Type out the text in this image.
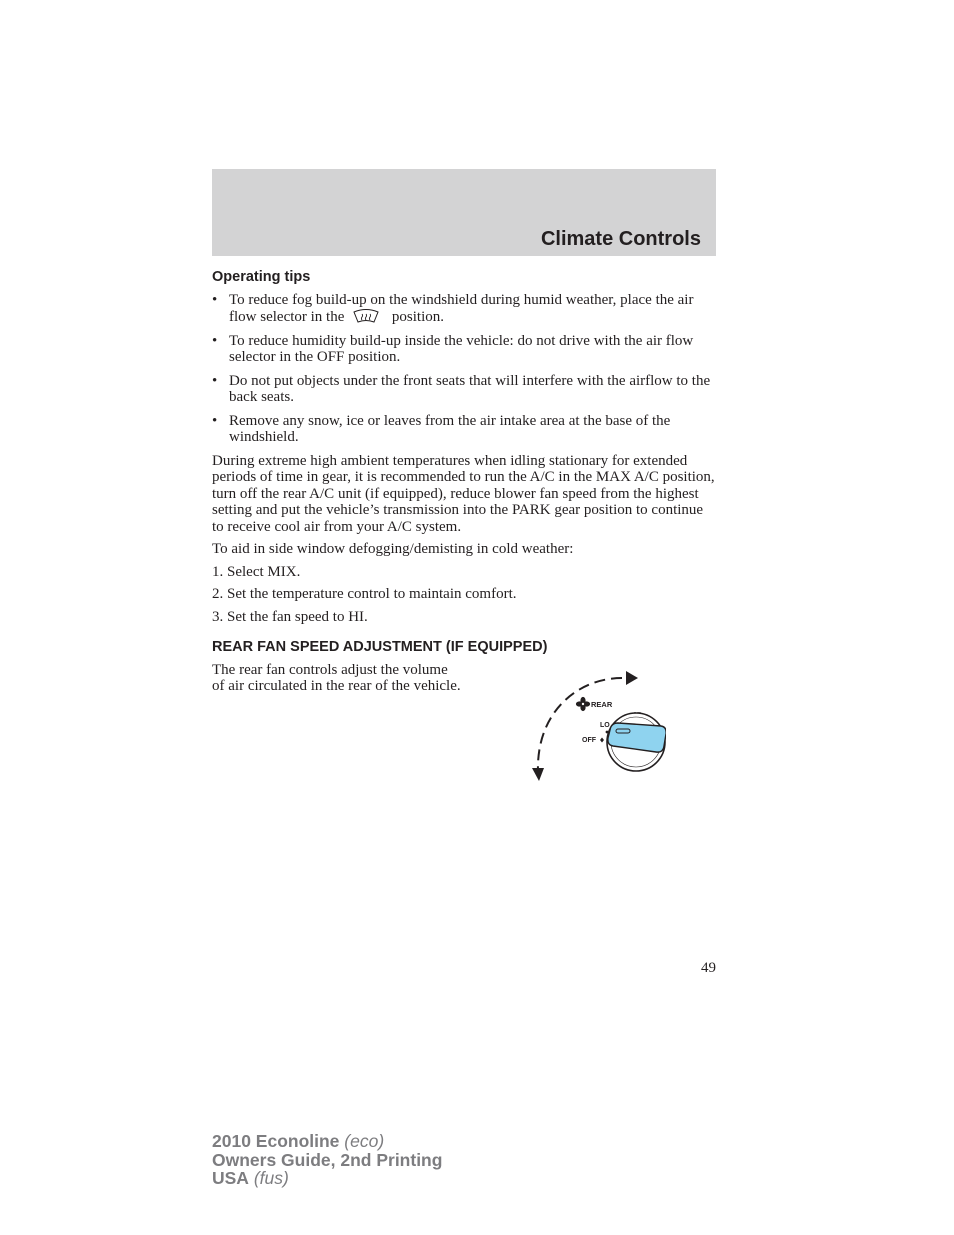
Climate Controls
Operating tips
• To reduce fog build-up on the windshield during humid weather, place the air flow selector in the	position.
• To reduce humidity build-up inside the vehicle: do not drive with the air flow selector in the OFF position.
• Do not put objects under the front seats that will interfere with the airflow to the back seats.
• Remove any snow, ice or leaves from the air intake area at the base of the windshield.

During extreme high ambient temperatures when idling stationary for extended periods of time in gear, it is recommended to run the A/C in the MAX A/C position, turn off the rear A/C unit (if equipped), reduce blower fan speed from the highest setting and put the vehicle’s transmission into the PARK gear position to continue to receive cool air from your A/C system.

To aid in side window defogging/demisting in cold weather:

1. Select MIX.

2. Set the temperature control to maintain comfort.

3. Set the fan speed to HI.

REAR FAN SPEED ADJUSTMENT (IF EQUIPPED)
The rear fan controls adjust the volume of air circulated in the rear of the vehicle.
REAR
LO
OFF
49
2010 Econoline (eco)
Owners Guide, 2nd Printing
USA (fus)
